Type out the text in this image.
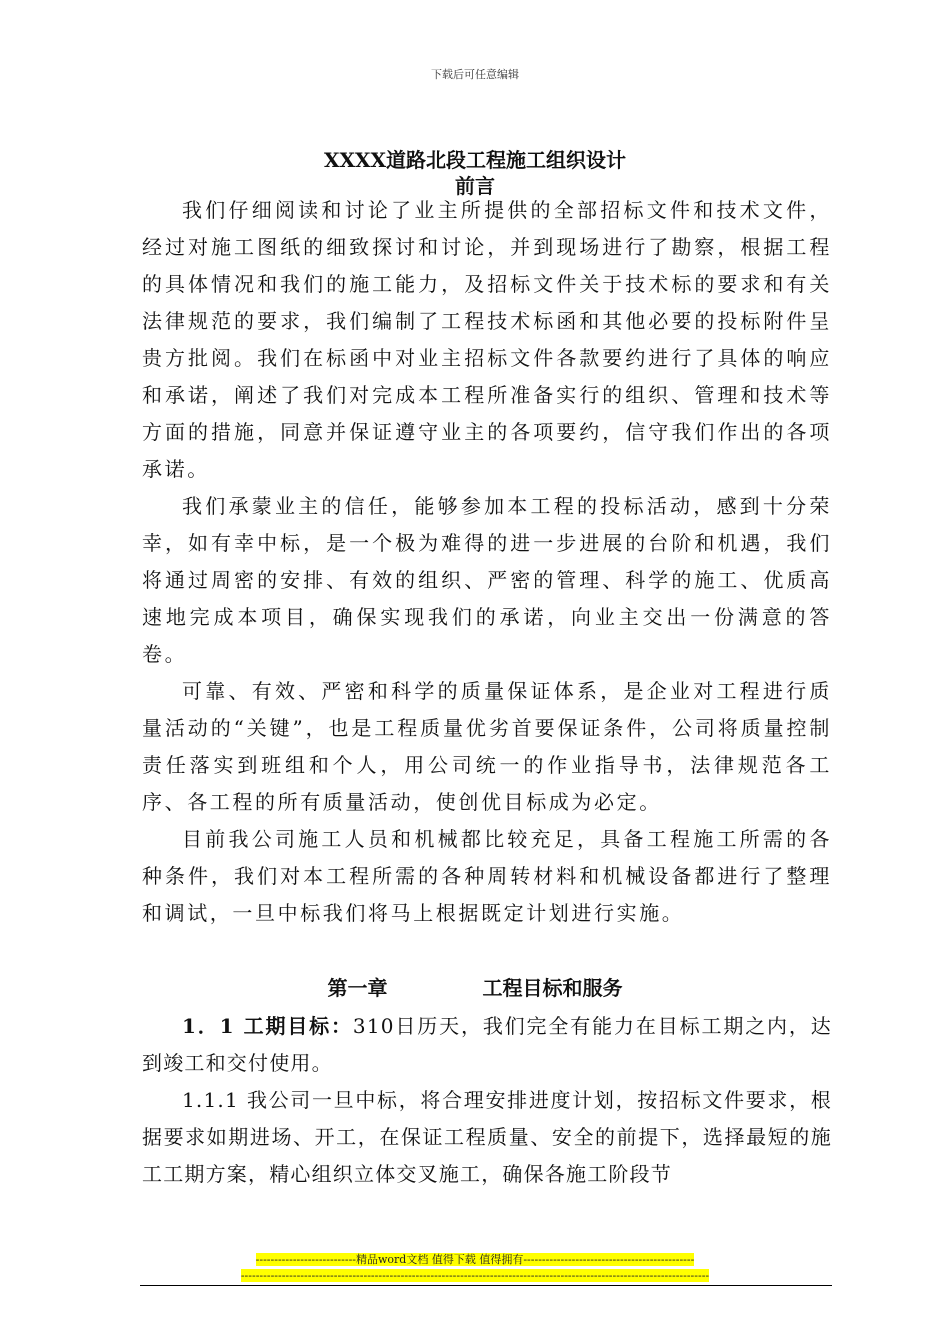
下载后可任意编辑
XXXX道路北段工程施工组织设计
前言

我们仔细阅读和讨论了业主所提供的全部招标文件和技术文件，经过对施工图纸的细致探讨和讨论，并到现场进行了勘察，根据工程的具体情况和我们的施工能力，及招标文件关于技术标的要求和有关法律规范的要求，我们编制了工程技术标函和其他必要的投标附件呈贵方批阅。我们在标函中对业主招标文件各款要约进行了具体的响应和承诺，阐述了我们对完成本工程所准备实行的组织、管理和技术等方面的措施，同意并保证遵守业主的各项要约，信守我们作出的各项承诺。

我们承蒙业主的信任，能够参加本工程的投标活动，感到十分荣幸，如有幸中标，是一个极为难得的进一步进展的台阶和机遇，我们将通过周密的安排、有效的组织、严密的管理、科学的施工、优质高速地完成本项目，确保实现我们的承诺，向业主交出一份满意的答卷。

可靠、有效、严密和科学的质量保证体系，是企业对工程进行质量活动的“关键”，也是工程质量优劣首要保证条件，公司将质量控制责任落实到班组和个人，用公司统一的作业指导书，法律规范各工序、各工程的所有质量活动，使创优目标成为必定。

目前我公司施工人员和机械都比较充足，具备工程施工所需的各种条件，我们对本工程所需的各种周转材料和机械设备都进行了整理和调试，一旦中标我们将马上根据既定计划进行实施。

第一章	工程目标和服务

1．1 工期目标：310日历天，我们完全有能力在目标工期之内，达到竣工和交付使用。

1.1.1 我公司一旦中标，将合理安排进度计划，按招标文件要求，根据要求如期进场、开工，在保证工程质量、安全的前提下，选择最短的施工工期方案，精心组织立体交叉施工，确保各施工阶段节

---------------------------精品word文档 值得下载 值得拥有----------------------------------------------
------------------------------------------------------------------------------------------------------------------------------
